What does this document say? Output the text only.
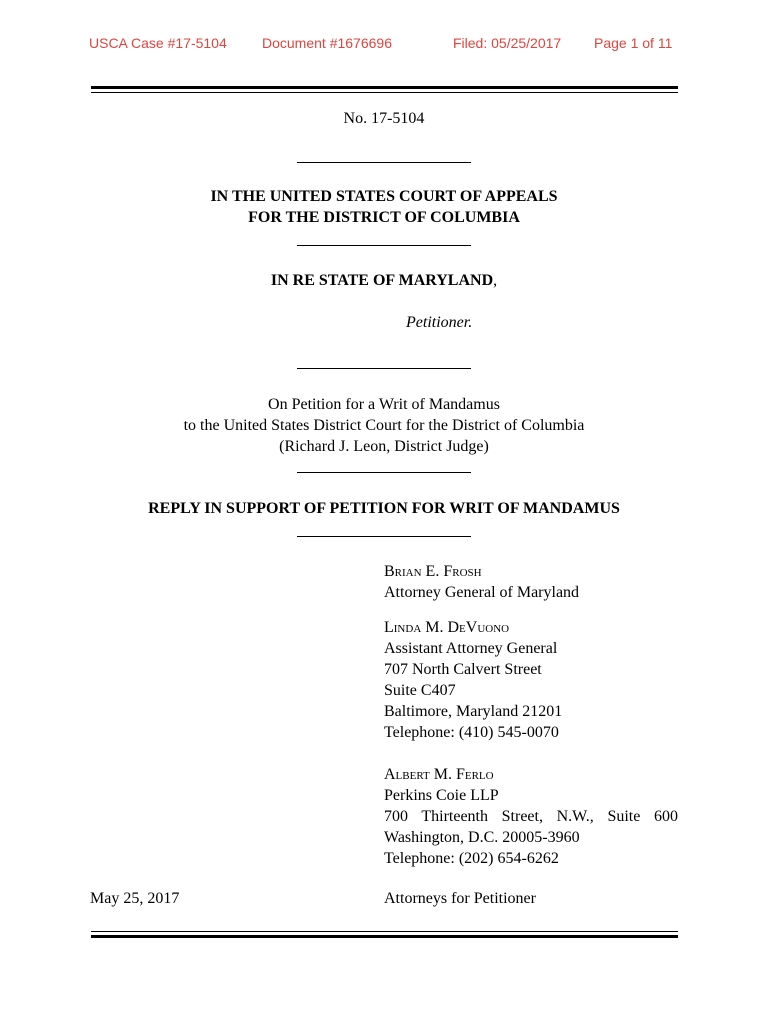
USCA Case #17-5104	Document #1676696	Filed: 05/25/2017 Page 1 of 11
No. 17-5104
IN THE UNITED STATES COURT OF APPEALS
FOR THE DISTRICT OF COLUMBIA
IN RE STATE OF MARYLAND,
Petitioner.
On Petition for a Writ of Mandamus
to the United States District Court for the District of Columbia
(Richard J. Leon, District Judge)
REPLY IN SUPPORT OF PETITION FOR WRIT OF MANDAMUS
Brian E. Frosh
Attorney General of Maryland
Linda M. DeVuono
Assistant Attorney General
707 North Calvert Street
Suite C407
Baltimore, Maryland 21201
Telephone: (410) 545-0070
Albert M. Ferlo
Perkins Coie LLP
700 Thirteenth Street, N.W., Suite 600
Washington, D.C. 20005-3960
Telephone: (202) 654-6262
May 25, 2017	Attorneys for Petitioner
